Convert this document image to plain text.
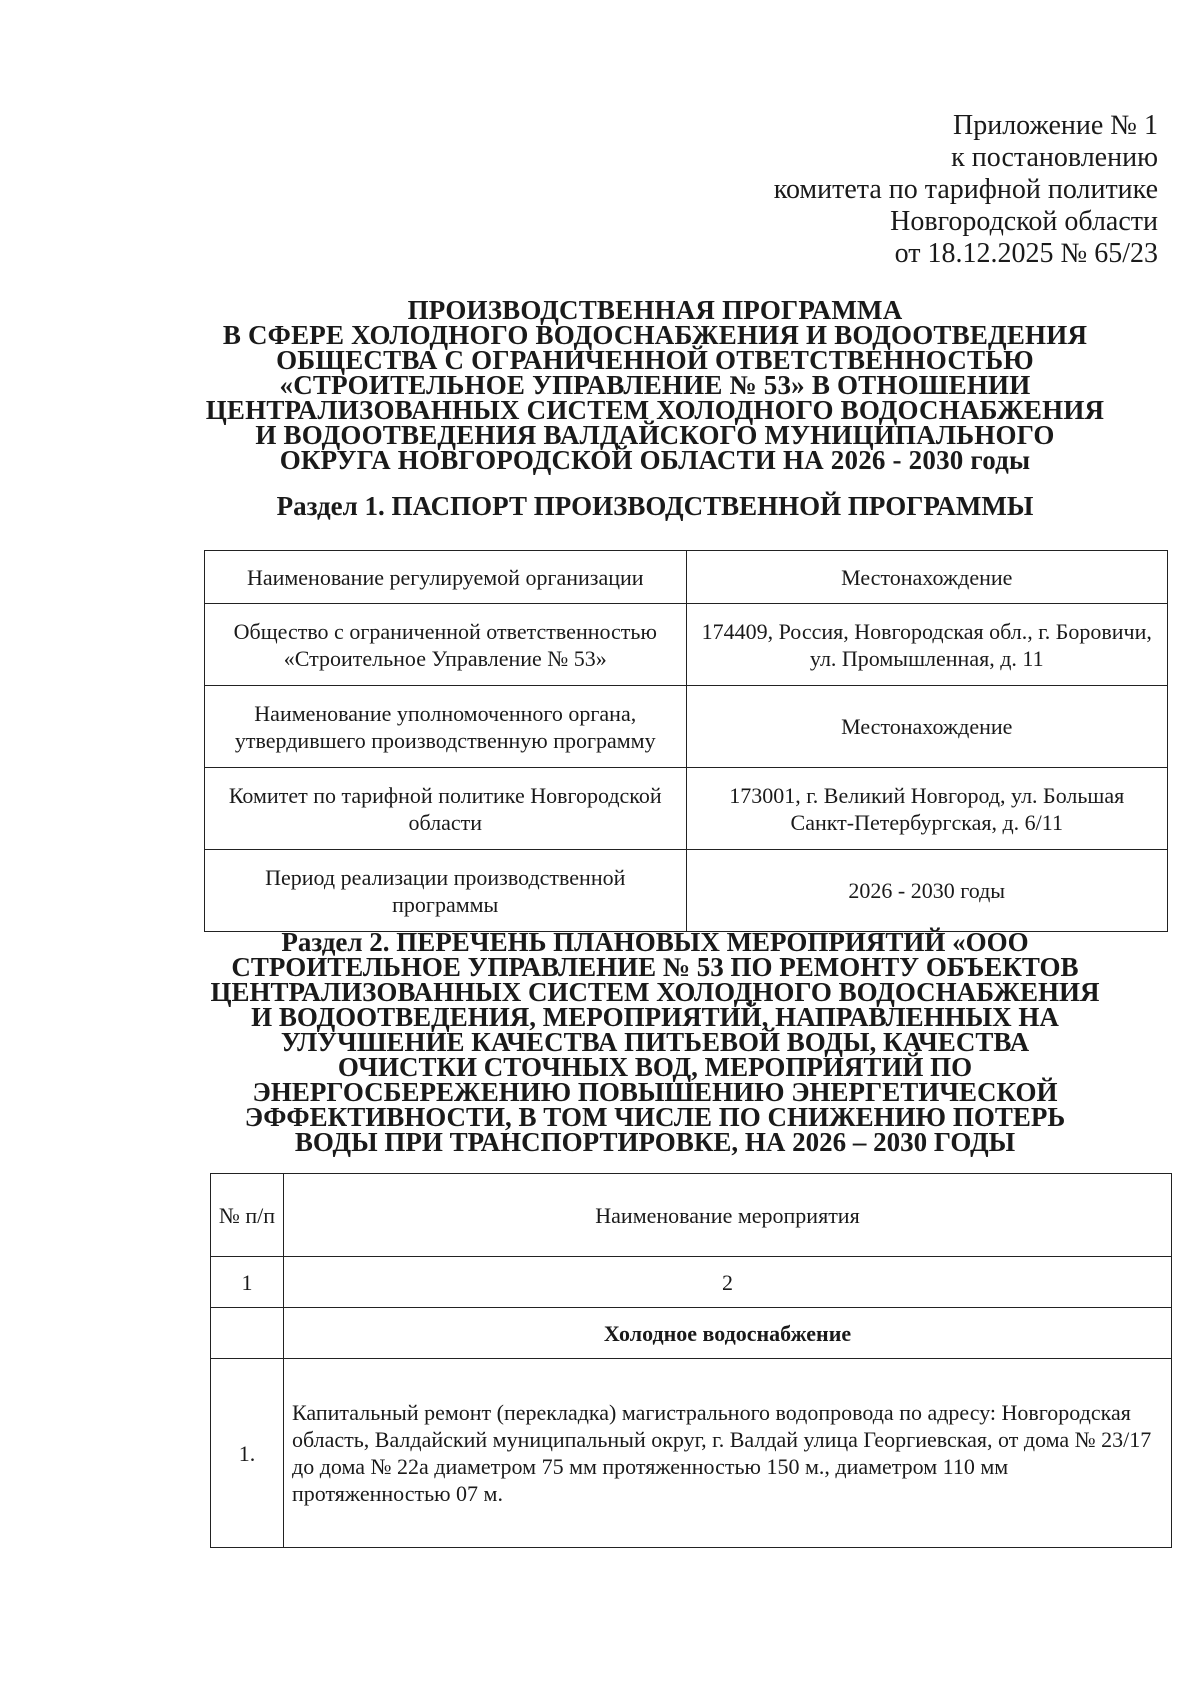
Приложение № 1
к постановлению
комитета по тарифной политике
Новгородской области
от 18.12.2025 № 65/23
ПРОИЗВОДСТВЕННАЯ ПРОГРАММА
В СФЕРЕ ХОЛОДНОГО ВОДОСНАБЖЕНИЯ И ВОДООТВЕДЕНИЯ
ОБЩЕСТВА С ОГРАНИЧЕННОЙ ОТВЕТСТВЕННОСТЬЮ
«СТРОИТЕЛЬНОЕ УПРАВЛЕНИЕ № 53» В ОТНОШЕНИИ
ЦЕНТРАЛИЗОВАННЫХ СИСТЕМ ХОЛОДНОГО ВОДОСНАБЖЕНИЯ
И ВОДООТВЕДЕНИЯ ВАЛДАЙСКОГО МУНИЦИПАЛЬНОГО
ОКРУГА НОВГОРОДСКОЙ ОБЛАСТИ НА 2026 - 2030 годы
Раздел 1. ПАСПОРТ ПРОИЗВОДСТВЕННОЙ ПРОГРАММЫ
Наименование регулируемой организации	Местонахождение
Общество с ограниченной ответственностью «Строительное Управление № 53»	174409, Россия, Новгородская обл., г. Боровичи, ул. Промышленная, д. 11
Наименование уполномоченного органа, утвердившего производственную программу	Местонахождение
Комитет по тарифной политике Новгородской области	173001, г. Великий Новгород, ул. Большая Санкт-Петербургская, д. 6/11
Период реализации производственной программы	2026 - 2030 годы
Раздел 2. ПЕРЕЧЕНЬ ПЛАНОВЫХ МЕРОПРИЯТИЙ «ООО
СТРОИТЕЛЬНОЕ УПРАВЛЕНИЕ № 53 ПО РЕМОНТУ ОБЪЕКТОВ
ЦЕНТРАЛИЗОВАННЫХ СИСТЕМ ХОЛОДНОГО ВОДОСНАБЖЕНИЯ
И ВОДООТВЕДЕНИЯ, МЕРОПРИЯТИЙ, НАПРАВЛЕННЫХ НА
УЛУЧШЕНИЕ КАЧЕСТВА ПИТЬЕВОЙ ВОДЫ, КАЧЕСТВА
ОЧИСТКИ СТОЧНЫХ ВОД, МЕРОПРИЯТИЙ ПО
ЭНЕРГОСБЕРЕЖЕНИЮ ПОВЫШЕНИЮ ЭНЕРГЕТИЧЕСКОЙ
ЭФФЕКТИВНОСТИ, В ТОМ ЧИСЛЕ ПО СНИЖЕНИЮ ПОТЕРЬ
ВОДЫ ПРИ ТРАНСПОРТИРОВКЕ, НА 2026 – 2030 ГОДЫ
№ п/п	Наименование мероприятия
1	2
	Холодное водоснабжение
1.	Капитальный ремонт (перекладка) магистрального водопровода по адресу: Новгородская область, Валдайский муниципальный округ, г. Валдай улица Георгиевская, от дома № 23/17 до дома № 22а диаметром 75 мм протяженностью 150 м., диаметром 110 мм протяженностью 07 м.
